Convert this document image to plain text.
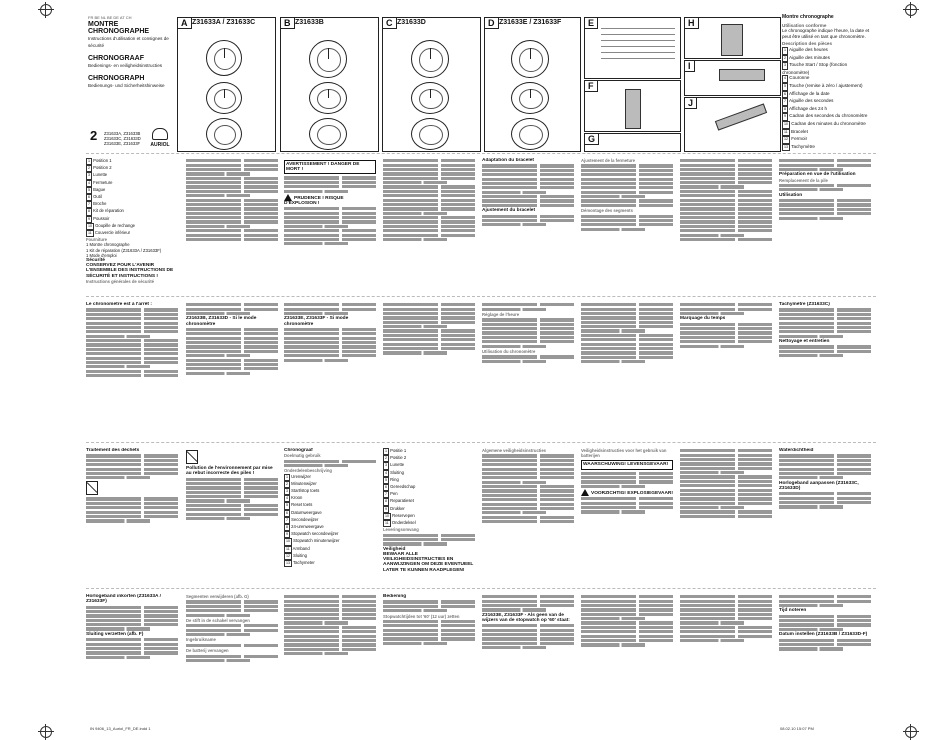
FR BE NL BE DE AT CH
MONTRE CHRONOGRAPHE
Instructions d'utilisation et consignes de sécurité
CHRONOGRAAF
Bedienings- en veiligheidsinstructies
CHRONOGRAPH
Bedienungs- und Sicherheitshinweise
2 Z31633A, Z31633B
Z31633C, Z31633D
Z31633E, Z31633F	AURIOL
A Z31633A / Z31633C	B Z31633B	C Z31633D	D Z31633E / Z31633F	E
F
G
H
I
J
Montre chronographe
Utilisation conforme
Le chronographe indique l'heure, la date et peut être utilisé en tant que chronomètre.
Description des pièces
1 Aiguille des heures
2 Aiguille des minutes
3 Touche Start / Stop (fonction chronomètre)
4 Couronne
5 Touche (remise à zéro / ajustement)
6 Affichage de la date
7 Aiguille des secondes
8 Affichage des 24 h
9 Cadran des secondes du chronomètre
10 Cadran des minutes du chronomètre
11 Bracelet
12 Fermoir
13 Tachymètre
1 Position 1
2 Position 2
3 Lunette
4 Fermeture
5 Bague
6 Outil
7 Broche
8 Kit de réparation
9 Poussoir
10 Goupille de rechange
11 Couvercle inférieur
Fourniture
1 Montre chronographe
1 Kit de réparation (Z31633A / Z31633F)
1 Mode d'emploi
Sécurité
CONSERVEZ POUR L'AVENIR L'ENSEMBLE DES INSTRUCTIONS DE SÉCURITÉ ET INSTRUCTIONS !
Instructions générales de sécurité
AVERTISSEMENT ! DANGER DE MORT !
PRUDENCE ! RISQUE D'EXPLOSION !
Adaptation du bracelet
Ajustement du bracelet
Ajustement de la fermeture
Démontage des segments
Préparation en vue de l'utilisation
Remplacement de la pile
Utilisation
Le chronomètre est à l'arrêt :
Z31633B, Z31633D - Si le mode chronomètre
Z31633E, Z31633F - Si mode chronomètre
Réglage de l'heure
Utilisation du chronomètre
Marquage du temps
Tachymètre (Z31633C)
Nettoyage et entretien
Traitement des déchets
Pollution de l'environnement par mise au rebut incorrecte des piles !
Chronograaf
Doelmatig gebruik
Onderdelenbeschrijving
1 Urenwijzer
2 Minutenwijzer
3 Start/stop toets
4 Kroon
5 Reset toets
6 Datumweergave
7 Secondewijzer
8 24-urenweergave
9 Stopwatch secondewijzer
10 Stopwatch minutenwijzer
11 Armband
12 Sluiting
13 Tachymeter
1 Positie 1
2 Positie 2
3 Lunette
4 Sluiting
5 Ring
6 Gereedschap
7 Pen
8 Reparatieset
9 Drukker
10 Reservepen
11 Onderdeksel
Leveringsomvang
Veiligheid
BEWAAR ALLE VEILIGHEIDSINSTRUCTIES EN AANWIJZINGEN OM DEZE EVENTUEEL LATER TE KUNNEN RAADPLEGEN!
Algemene veiligheidsinstructies	Veiligheidsinstructies voor het gebruik van batterijen
WAARSCHUWING! LEVENSGEVAAR!
VOORZICHTIG! EXPLOSIEGEVAAR!
Waterdichtheid
Horlogeband aanpassen (Z31633C, Z31633D)
Horlogeband inkorten (Z31633A / Z31633F)
Sluiting verzetten (afb. F)
Segmenten verwijderen (afb. G)
De stift in de schakel vervangen
Ingebruikname
De batterij vervangen
Bediening
Stopwatchtijden tot '60' (12 uur) zetten	Z31633E, Z31633F - Als geen van de wijzers van de stopwatch op '60' staat:
Tijd noteren
Datum instellen (Z31633B / Z31633D-F)
IN 9406_13_Auriol_FR_DE.indd 1	08.02.10 15:07 PM
